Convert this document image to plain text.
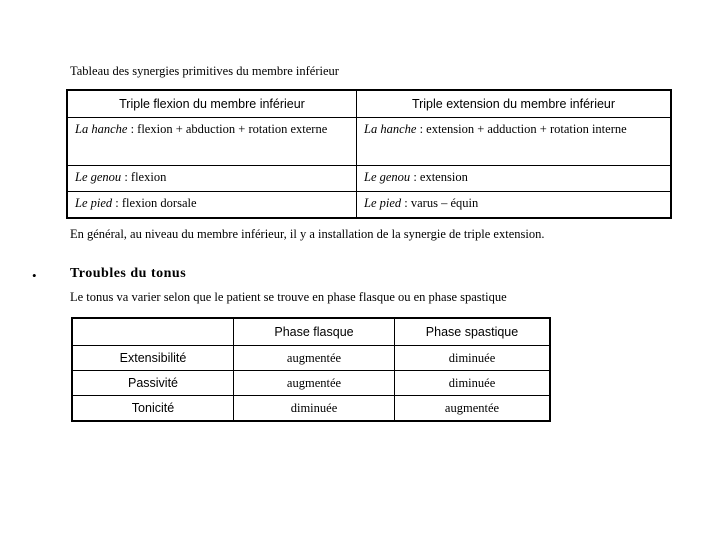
Tableau des synergies primitives du membre inférieur
Triple flexion du membre inférieur	Triple extension du membre inférieur
La hanche : flexion + abduction + rotation externe	La hanche : extension + adduction + rotation interne
Le genou : flexion	Le genou : extension
Le pied : flexion dorsale	Le pied : varus – équin
En général, au niveau du membre inférieur, il y a installation de la synergie de triple extension.
• Troubles du tonus
Le tonus va varier selon que le patient se trouve en phase flasque ou en phase spastique
	Phase flasque	Phase spastique
Extensibilité	augmentée	diminuée
Passivité	augmentée	diminuée
Tonicité	diminuée	augmentée
